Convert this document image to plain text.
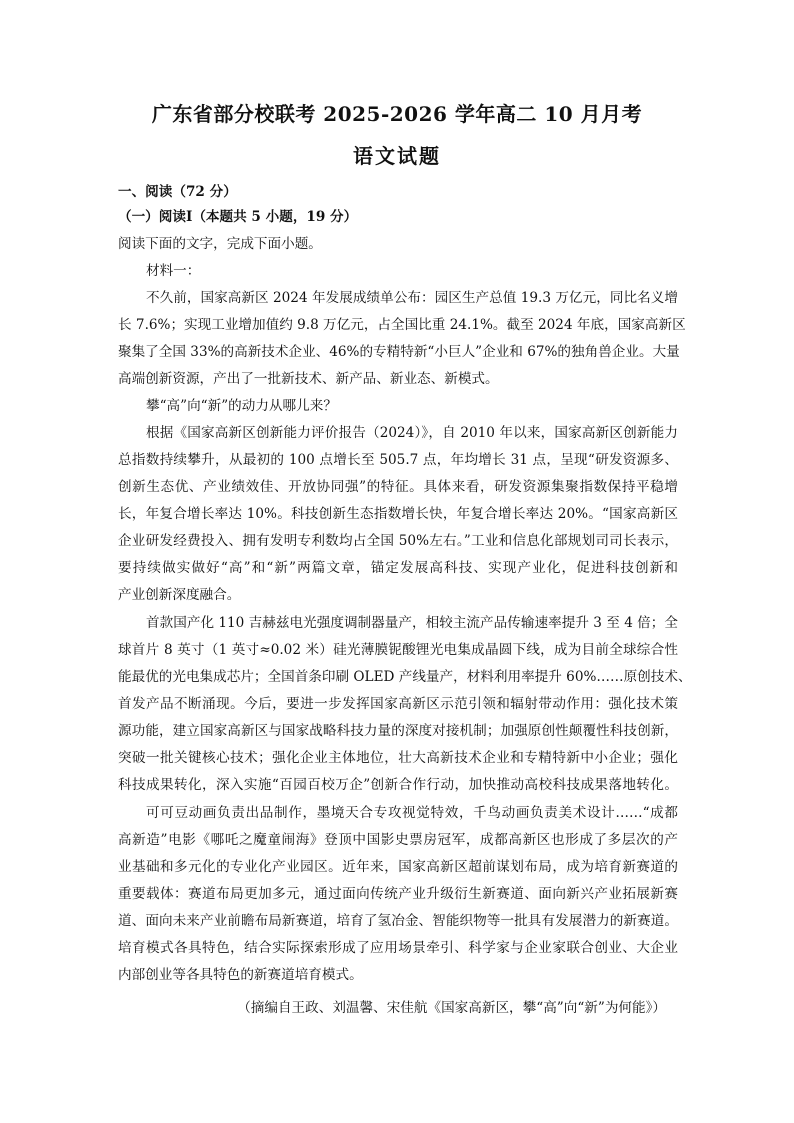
广东省部分校联考 2025-2026 学年高二 10 月月考
语文试题
一、阅读（72 分）
（一）阅读Ⅰ（本题共 5 小题，19 分）
阅读下面的文字，完成下面小题。
材料一：
不久前，国家高新区 2024 年发展成绩单公布：园区生产总值 19.3 万亿元，同比名义增
长 7.6%；实现工业增加值约 9.8 万亿元，占全国比重 24.1%。截至 2024 年底，国家高新区
聚集了全国 33%的高新技术企业、46%的专精特新“小巨人”企业和 67%的独角兽企业。大量
高端创新资源，产出了一批新技术、新产品、新业态、新模式。
攀“高”向“新”的动力从哪儿来？
根据《国家高新区创新能力评价报告（2024）》，自 2010 年以来，国家高新区创新能力
总指数持续攀升，从最初的 100 点增长至 505.7 点，年均增长 31 点，呈现“研发资源多、
创新生态优、产业绩效佳、开放协同强”的特征。具体来看，研发资源集聚指数保持平稳增
长，年复合增长率达 10%。科技创新生态指数增长快，年复合增长率达 20%。“国家高新区
企业研发经费投入、拥有发明专利数均占全国 50%左右。”工业和信息化部规划司司长表示，
要持续做实做好“高”和“新”两篇文章，锚定发展高科技、实现产业化，促进科技创新和
产业创新深度融合。
首款国产化 110 吉赫兹电光强度调制器量产，相较主流产品传输速率提升 3 至 4 倍；全
球首片 8 英寸（1 英寸≈0.02 米）硅光薄膜铌酸锂光电集成晶圆下线，成为目前全球综合性
能最优的光电集成芯片；全国首条印刷 OLED 产线量产，材料利用率提升 60%……原创技术、
首发产品不断涌现。今后，要进一步发挥国家高新区示范引领和辐射带动作用：强化技术策
源功能，建立国家高新区与国家战略科技力量的深度对接机制；加强原创性颠覆性科技创新，
突破一批关键核心技术；强化企业主体地位，壮大高新技术企业和专精特新中小企业；强化
科技成果转化，深入实施“百园百校万企”创新合作行动，加快推动高校科技成果落地转化。
可可豆动画负责出品制作，墨境天合专攻视觉特效，千鸟动画负责美术设计……“成都
高新造”电影《哪吒之魔童闹海》登顶中国影史票房冠军，成都高新区也形成了多层次的产
业基础和多元化的专业化产业园区。近年来，国家高新区超前谋划布局，成为培育新赛道的
重要载体：赛道布局更加多元，通过面向传统产业升级衍生新赛道、面向新兴产业拓展新赛
道、面向未来产业前瞻布局新赛道，培育了氢冶金、智能织物等一批具有发展潜力的新赛道。
培育模式各具特色，结合实际探索形成了应用场景牵引、科学家与企业家联合创业、大企业
内部创业等各具特色的新赛道培育模式。
（摘编自王政、刘温馨、宋佳航《国家高新区，攀“高”向“新”为何能》）
